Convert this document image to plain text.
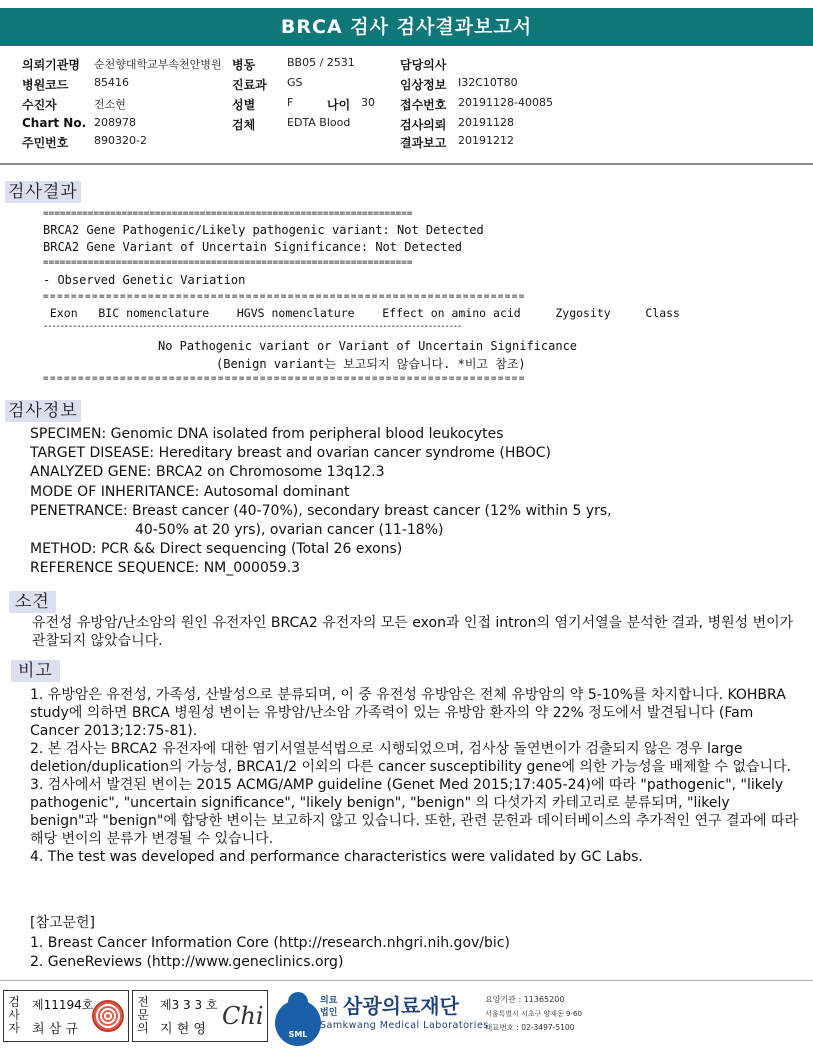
BRCA 검사 검사결과보고서
의뢰기관명 순천향대학교부속천안병원 병동	BB05 / 2531	담당의사
병원코드 85416	진료과 GS	임상정보 I32C10T80
수진자	전소현	성별	F	나이 30 접수번호 20191128-40085
Chart No. 208978	검체	EDTA Blood	검사의뢰 20191128
주민번호 890320-2	결과보고 20191212
검사결과
==================================================================
BRCA2 Gene Pathogenic/Likely pathogenic variant: Not Detected
BRCA2 Gene Variant of Uncertain Significance: Not Detected
==================================================================
- Observed Genetic Variation
=====================================================================
Exon   BIC nomenclature    HGVS nomenclature    Effect on amino acid     Zygosity     Class
-----------------------------------------------------------------------------------------------------
No Pathogenic variant or Variant of Uncertain Significance
(Benign variant는 보고되지 않습니다. *비고 참조)
=====================================================================
검사정보
SPECIMEN: Genomic DNA isolated from peripheral blood leukocytes
TARGET DISEASE: Hereditary breast and ovarian cancer syndrome (HBOC)
ANALYZED GENE: BRCA2 on Chromosome 13q12.3
MODE OF INHERITANCE: Autosomal dominant
PENETRANCE: Breast cancer (40-70%), secondary breast cancer (12% within 5 yrs,
40-50% at 20 yrs), ovarian cancer (11-18%)
METHOD: PCR && Direct sequencing (Total 26 exons)
REFERENCE SEQUENCE: NM_000059.3
소견
유전성 유방암/난소암의 원인 유전자인 BRCA2 유전자의 모든 exon과 인접 intron의 염기서열을 분석한 결과, 병원성 변이가 관찰되지 않았습니다.
비고

1. 유방암은 유전성, 가족성, 산발성으로 분류되며, 이 중 유전성 유방암은 전체 유방암의 약 5-10%를 차지합니다. KOHBRA study에 의하면 BRCA 병원성 변이는 유방암/난소암 가족력이 있는 유방암 환자의 약 22% 정도에서 발견됩니다 (Fam Cancer 2013;12:75-81).

2. 본 검사는 BRCA2 유전자에 대한 염기서열분석법으로 시행되었으며, 검사상 돌연변이가 검출되지 않은 경우 large deletion/duplication의 가능성, BRCA1/2 이외의 다른 cancer susceptibility gene에 의한 가능성을 배제할 수 없습니다.

3. 검사에서 발견된 변이는 2015 ACMG/AMP guideline (Genet Med 2015;17:405-24)에 따라 "pathogenic", "likely pathogenic", "uncertain significance", "likely benign", "benign" 의 다섯가지 카테고리로 분류되며, "likely benign"과 "benign"에 합당한 변이는 보고하지 않고 있습니다. 또한, 관련 문헌과 데이터베이스의 추가적인 연구 결과에 따라 해당 변이의 분류가 변경될 수 있습니다.

4. The test was developed and performance characteristics were validated by GC Labs.

[참고문헌]
1. Breast Cancer Information Core (http://research.nhgri.nih.gov/bic)
2. GeneReviews (http://www.geneclinics.org)
검사자
제11194호
최 삼 규
전문의
제3 3 3 호
지 현 영 Chi
SML
의료
법인 삼광의료재단
Samkwang Medical Laboratories
요양기관 : 11365200
서울특별시 서초구 양재동 9-60
대표번호 : 02-3497-5100
